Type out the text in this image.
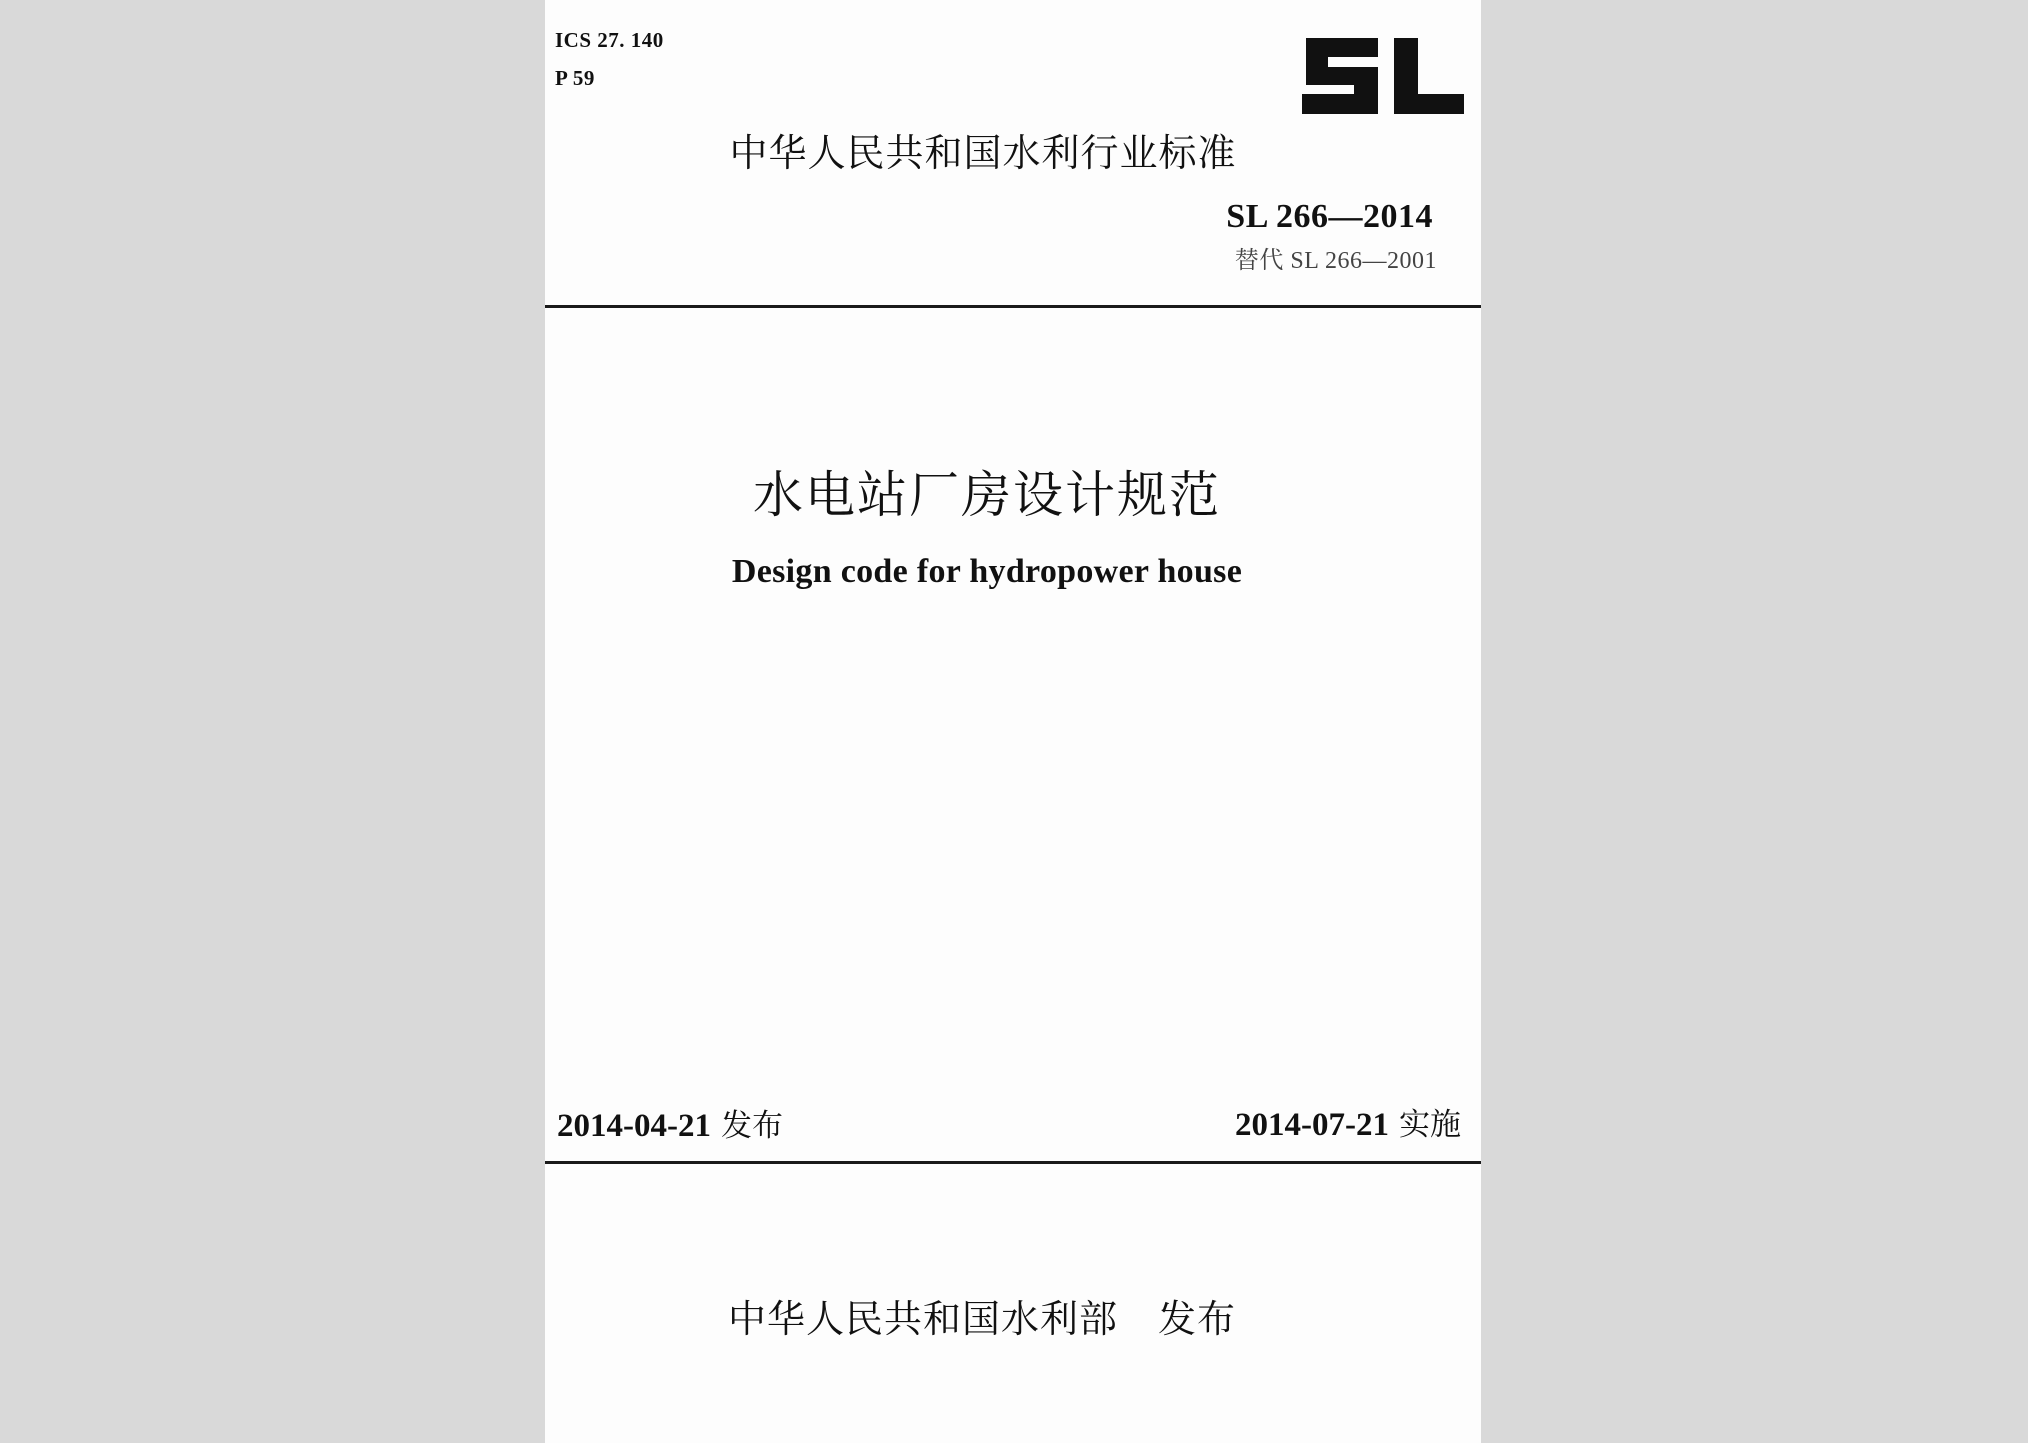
ICS 27. 140
P 59
中华人民共和国水利行业标准
SL 266—2014
替代 SL 266—2001
水电站厂房设计规范
Design code for hydropower house
2014-04-21 发布	2014-07-21 实施
中华人民共和国水利部 发布
